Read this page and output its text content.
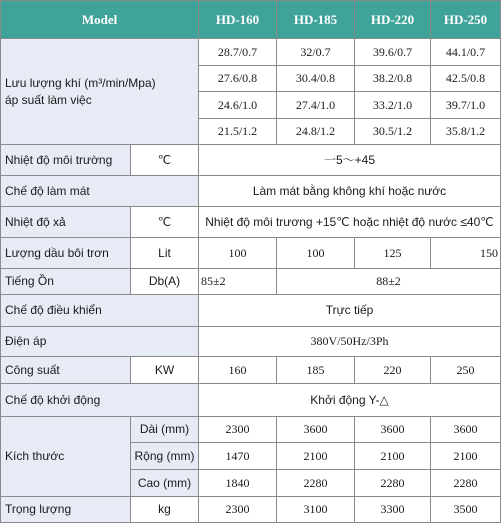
Model		HD-160	HD-185	HD-220	HD-250
Lưu lượng khí (m³/min/Mpa)
áp suất làm việc		28.7/0.7	32/0.7	39.6/0.7	44.1/0.7
		27.6/0.8	30.4/0.8	38.2/0.8	42.5/0.8
		24.6/1.0	27.4/1.0	33.2/1.0	39.7/1.0
		21.5/1.2	24.8/1.2	30.5/1.2	35.8/1.2
Nhiệt độ môi trường	℃	一5～+45			
Chế độ làm mát		Làm mát bằng không khí hoặc nước			
Nhiệt độ xả	℃	Nhiệt độ môi trương +15℃ hoặc nhiệt độ nước ≤40℃			
Lượng dầu bôi trơn	Lit	100	100	125	150
Tiếng Ồn	Db(A)	85±2	88±2		
Chế độ điều khiển		Trực tiếp			
Điện áp		380V/50Hz/3Ph			
Công suất	KW	160	185	220	250
Chế độ khởi động		Khởi động Y-△			
Kích thước	Dài (mm)	2300	3600	3600	3600
	Rộng (mm)	1470	2100	2100	2100
	Cao (mm)	1840	2280	2280	2280
Trọng lượng	kg	2300	3100	3300	3500
